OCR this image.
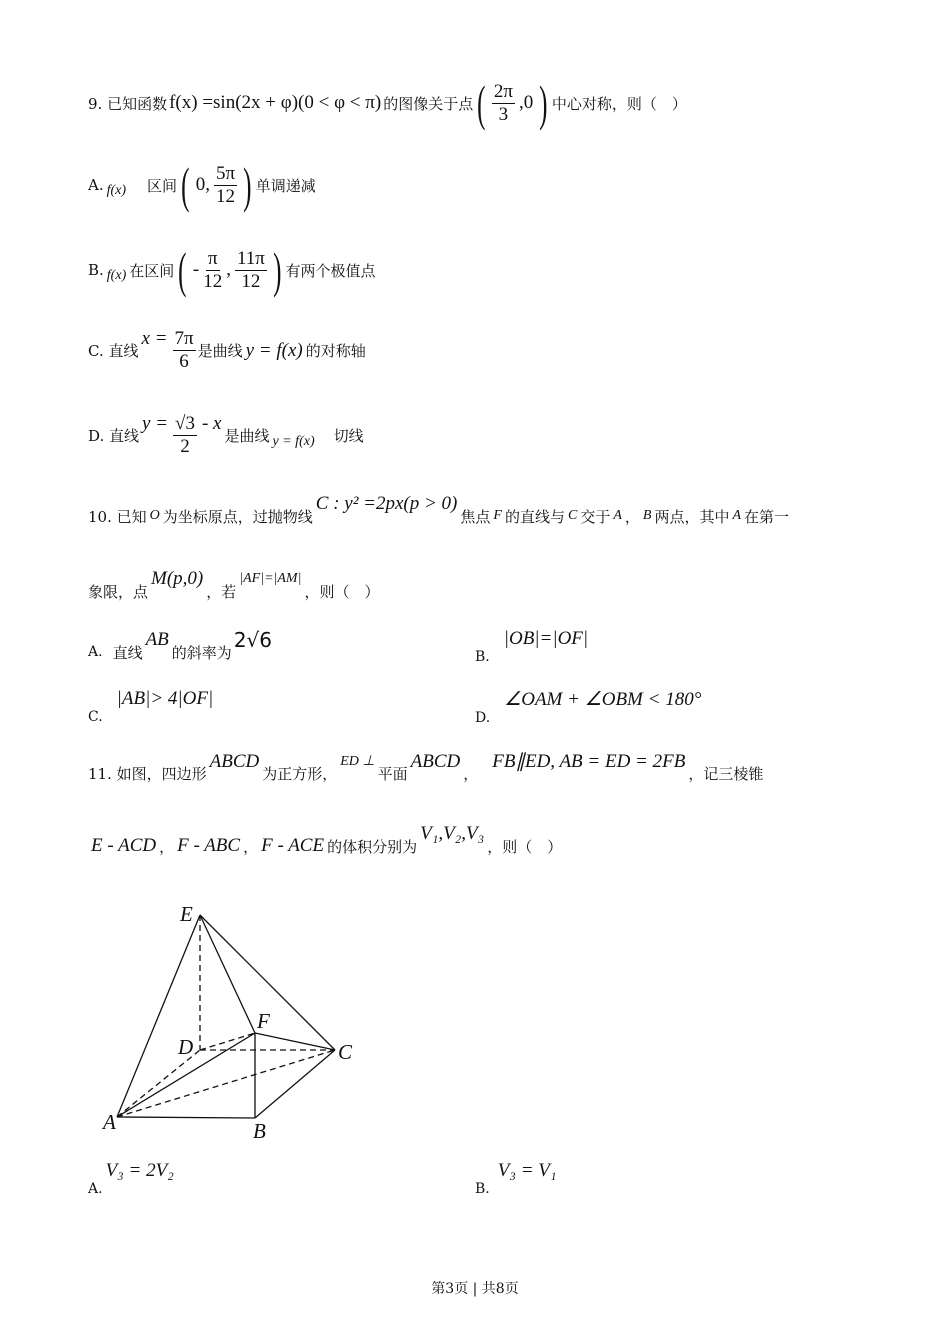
9. 已知函数 f(x) =sin(2x + φ)(0 < φ < π) 的图像关于点 ( $\frac{2\pi}{3} ,0$ ) 中心对称，则（　）
A. f(x) 区间 ( 0, $\frac{5\pi}{12}$ ) 单调递减
B. f(x) 在区间 ( - $\frac{\pi}{12}$ , $\frac{11\pi}{12}$ ) 有两个极值点
C. 直线
$x = \frac{7\pi}{6}$ 是曲线 y = f(x) 的对称轴
D. 直线
$y = \frac{√3}{2} - x$
是曲线 y = f(x) 切线
10. 已知 O 为坐标原点，过抛物线
C : y² =2px(p > 0)
焦点 F 的直线与 C 交于 A ， B 两点，其中 A 在第一
象限，点
M(p,0)
，若
|AF|=|AM|
，则（　）
A. 直线
AB
的斜率为
2√6
B.
|OB|=|OF|
C.
|AB|> 4|OF|
D.
∠OAM + ∠OBM < 180°
11. 如图，四边形
ABCD
为正方形，
ED ⊥
平面
ABCD
，
FB∥ED, AB = ED = 2FB
，记三棱锥
E - ACD ， F - ABC ， F - ACE 的体积分别为
V₁,V₂,V₃
，则（　）
E
D
F
C
A	B
A.
V₃ = 2V₂
B.
V₃ = V₁
第3页 | 共8页
